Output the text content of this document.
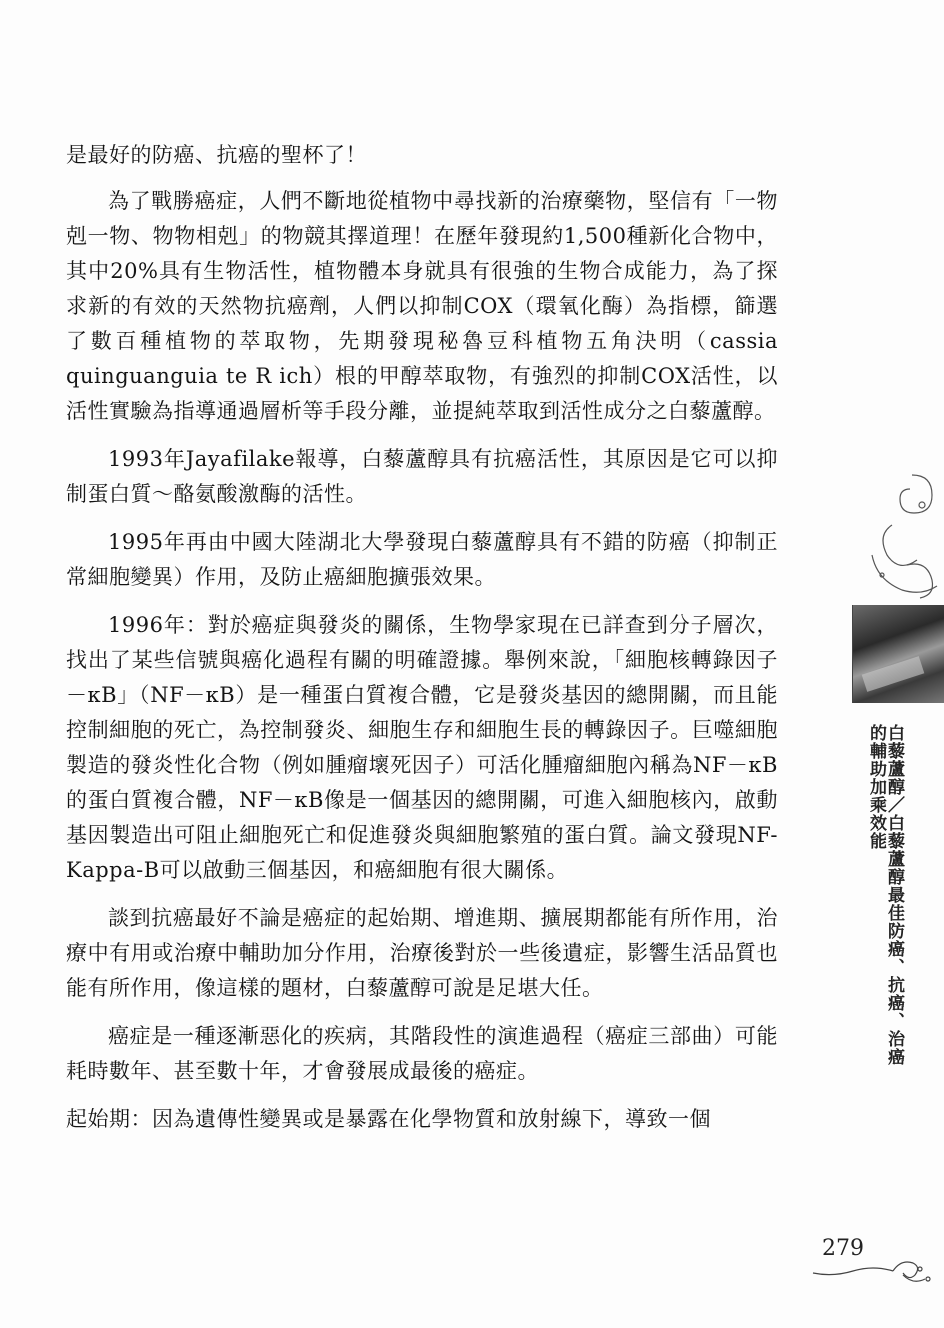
是最好的防癌、抗癌的聖杯了！

為了戰勝癌症，人們不斷地從植物中尋找新的治療藥物，堅信有「一物剋一物、物物相剋」的物競其擇道理！在歷年發現約1,500種新化合物中，其中20%具有生物活性，植物體本身就具有很強的生物合成能力，為了探求新的有效的天然物抗癌劑，人們以抑制COX（環氧化酶）為指標，篩選了數百種植物的萃取物，先期發現秘魯豆科植物五角決明（cassia quinguanguia te R ich）根的甲醇萃取物，有強烈的抑制COX活性，以活性實驗為指導通過層析等手段分離，並提純萃取到活性成分之白藜蘆醇。

1993年Jayafilake報導，白藜蘆醇具有抗癌活性，其原因是它可以抑制蛋白質～酪氨酸激酶的活性。

1995年再由中國大陸湖北大學發現白藜蘆醇具有不錯的防癌（抑制正常細胞變異）作用，及防止癌細胞擴張效果。

1996年：對於癌症與發炎的關係，生物學家現在已詳查到分子層次，找出了某些信號與癌化過程有關的明確證據。舉例來說，「細胞核轉錄因子－κB」（NF－κB）是一種蛋白質複合體，它是發炎基因的總開關，而且能控制細胞的死亡，為控制發炎、細胞生存和細胞生長的轉錄因子。巨噬細胞製造的發炎性化合物（例如腫瘤壞死因子）可活化腫瘤細胞內稱為NF－κB的蛋白質複合體，NF－κB像是一個基因的總開關，可進入細胞核內，啟動基因製造出可阻止細胞死亡和促進發炎與細胞繁殖的蛋白質。論文發現NF-Kappa-B可以啟動三個基因，和癌細胞有很大關係。

談到抗癌最好不論是癌症的起始期、增進期、擴展期都能有所作用，治療中有用或治療中輔助加分作用，治療後對於一些後遺症，影響生活品質也能有所作用，像這樣的題材，白藜蘆醇可說是足堪大任。

癌症是一種逐漸惡化的疾病，其階段性的演進過程（癌症三部曲）可能耗時數年、甚至數十年，才會發展成最後的癌症。

起始期：因為遺傳性變異或是暴露在化學物質和放射線下，導致一個

白藜蘆醇／白藜蘆醇最佳防癌、抗癌、治癌
的輔助加乘效能
279
